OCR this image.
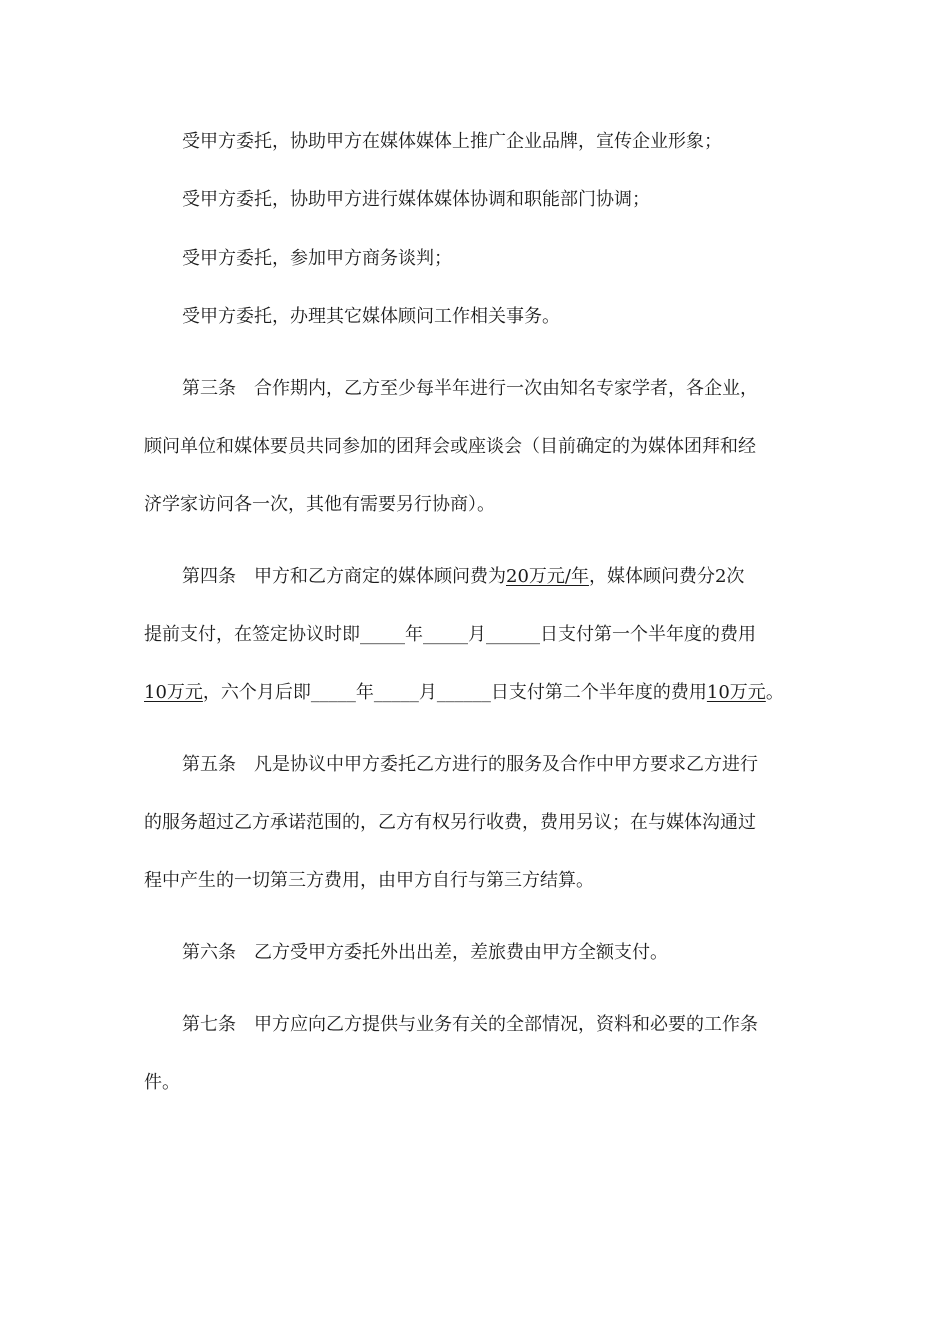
受甲方委托，协助甲方在媒体媒体上推广企业品牌，宣传企业形象；
受甲方委托，协助甲方进行媒体媒体协调和职能部门协调；
受甲方委托，参加甲方商务谈判；
受甲方委托，办理其它媒体顾问工作相关事务。
第三条　合作期内，乙方至少每半年进行一次由知名专家学者，各企业，
顾问单位和媒体要员共同参加的团拜会或座谈会（目前确定的为媒体团拜和经
济学家访问各一次，其他有需要另行协商）。
第四条　甲方和乙方商定的媒体顾问费为20万元/年，媒体顾问费分2次
提前支付，在签定协议时即_____年_____月______日支付第一个半年度的费用
10万元，六个月后即_____年_____月______日支付第二个半年度的费用10万元。
第五条　凡是协议中甲方委托乙方进行的服务及合作中甲方要求乙方进行
的服务超过乙方承诺范围的，乙方有权另行收费，费用另议；在与媒体沟通过
程中产生的一切第三方费用，由甲方自行与第三方结算。
第六条　乙方受甲方委托外出出差，差旅费由甲方全额支付。
第七条　甲方应向乙方提供与业务有关的全部情况，资料和必要的工作条
件。
